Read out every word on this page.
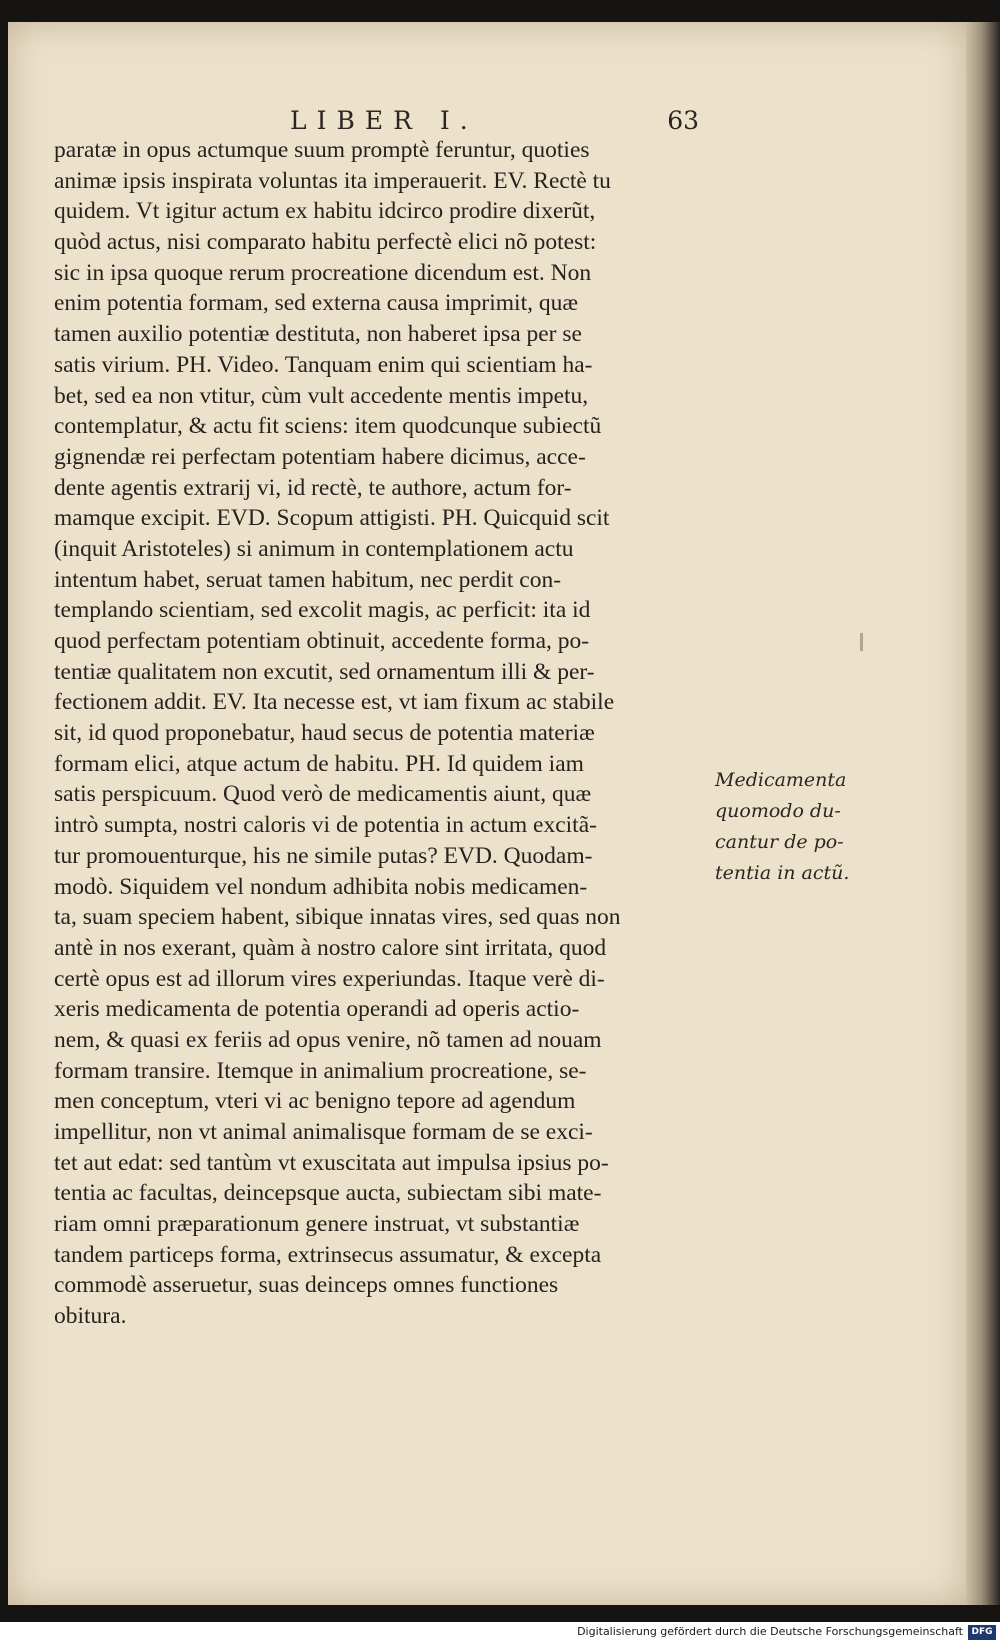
LIBER I.	63
paratæ in opus actumque suum promptè feruntur, quoties
animæ ipsis inspirata voluntas ita imperauerit. EV. Rectè tu
quidem. Vt igitur actum ex habitu idcirco prodire dixerũt,
quòd actus, nisi comparato habitu perfectè elici nõ potest:
sic in ipsa quoque rerum procreatione dicendum est. Non
enim potentia formam, sed externa causa imprimit, quæ
tamen auxilio potentiæ destituta, non haberet ipsa per se
satis virium. PH. Video. Tanquam enim qui scientiam ha-
bet, sed ea non vtitur, cùm vult accedente mentis impetu,
contemplatur, & actu fit sciens: item quodcunque subiectũ
gignendæ rei perfectam potentiam habere dicimus, acce-
dente agentis extrarij vi, id rectè, te authore, actum for-
mamque excipit. EVD. Scopum attigisti. PH. Quicquid scit
(inquit Aristoteles) si animum in contemplationem actu
intentum habet, seruat tamen habitum, nec perdit con-
templando scientiam, sed excolit magis, ac perficit: ita id
quod perfectam potentiam obtinuit, accedente forma, po-
tentiæ qualitatem non excutit, sed ornamentum illi & per-
fectionem addit. EV. Ita necesse est, vt iam fixum ac stabile
sit, id quod proponebatur, haud secus de potentia materiæ
formam elici, atque actum de habitu. PH. Id quidem iam
satis perspicuum. Quod verò de medicamentis aiunt, quæ
intrò sumpta, nostri caloris vi de potentia in actum excitã-
tur promouenturque, his ne simile putas? EVD. Quodam-
modò. Siquidem vel nondum adhibita nobis medicamen-
ta, suam speciem habent, sibique innatas vires, sed quas non
antè in nos exerant, quàm à nostro calore sint irritata, quod
certè opus est ad illorum vires experiundas. Itaque verè di-
xeris medicamenta de potentia operandi ad operis actio-
nem, & quasi ex feriis ad opus venire, nõ tamen ad nouam
formam transire. Itemque in animalium procreatione, se-
men conceptum, vteri vi ac benigno tepore ad agendum
impellitur, non vt animal animalisque formam de se exci-
tet aut edat: sed tantùm vt exuscitata aut impulsa ipsius po-
tentia ac facultas, deincepsque aucta, subiectam sibi mate-
riam omni præparationum genere instruat, vt substantiæ
tandem particeps forma, extrinsecus assumatur, & excepta
commodè asseruetur, suas deinceps omnes functiones
obitura.
Medicamenta
quomodo du-
cantur de po-
tentia in actũ.
Digitalisierung gefördert durch die Deutsche Forschungsgemeinschaft DFG
